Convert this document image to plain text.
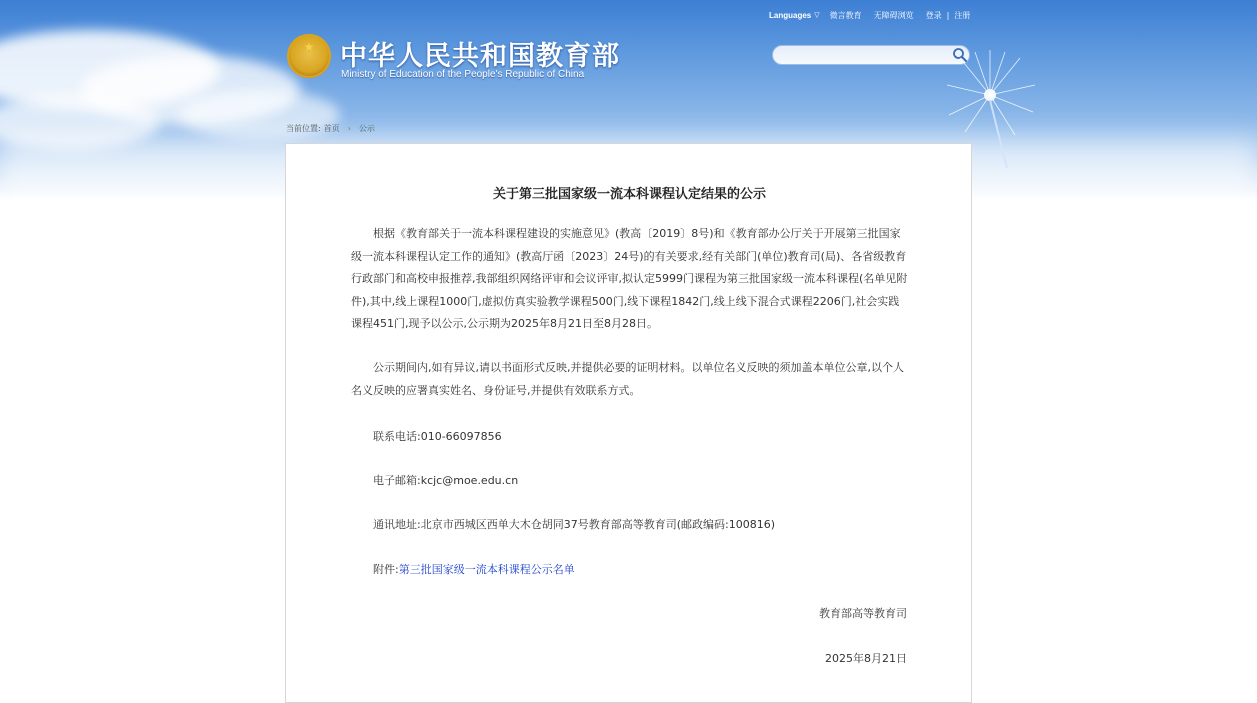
★ 中华人民共和国教育部

Ministry of Education of the People's Republic of China

Languages ▽ 微言教育 无障碍浏览 登录 | 注册
当前位置: 首页 › 公示
关于第三批国家级一流本科课程认定结果的公示

根据《教育部关于一流本科课程建设的实施意见》(教高〔2019〕8号)和《教育部办公厅关于开展第三批国家级一流本科课程认定工作的通知》(教高厅函〔2023〕24号)的有关要求,经有关部门(单位)教育司(局)、各省级教育行政部门和高校申报推荐,我部组织网络评审和会议评审,拟认定5999门课程为第三批国家级一流本科课程(名单见附件),其中,线上课程1000门,虚拟仿真实验教学课程500门,线下课程1842门,线上线下混合式课程2206门,社会实践课程451门,现予以公示,公示期为2025年8月21日至8月28日。

公示期间内,如有异议,请以书面形式反映,并提供必要的证明材料。以单位名义反映的须加盖本单位公章,以个人名义反映的应署真实姓名、身份证号,并提供有效联系方式。

联系电话:010-66097856

电子邮箱:kcjc@moe.edu.cn

通讯地址:北京市西城区西单大木仓胡同37号教育部高等教育司(邮政编码:100816)

附件:第三批国家级一流本科课程公示名单

教育部高等教育司

2025年8月21日
